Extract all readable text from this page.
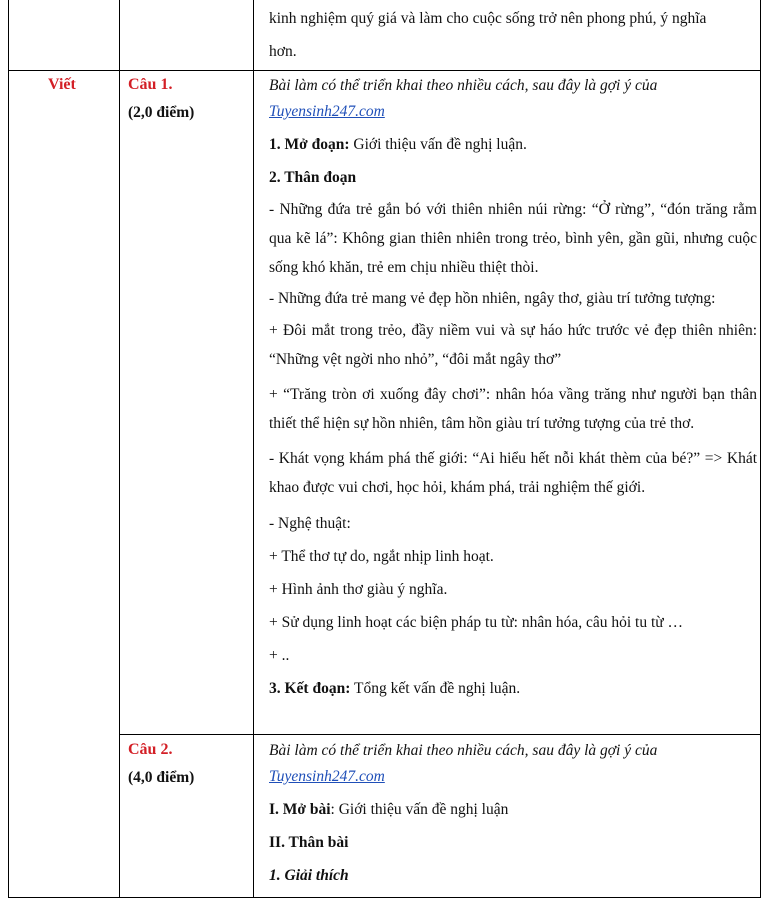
kinh nghiệm quý giá và làm cho cuộc sống trở nên phong phú, ý nghĩa

hơn.

Viết	Câu 1.
(2,0 điểm)

Bài làm có thể triển khai theo nhiều cách, sau đây là gợi ý của

Tuyensinh247.com

1. Mở đoạn: Giới thiệu vấn đề nghị luận.

2. Thân đoạn

- Những đứa trẻ gắn bó với thiên nhiên núi rừng: “Ở rừng”, “đón trăng rằm qua kẽ lá”: Không gian thiên nhiên trong trẻo, bình yên, gần gũi, nhưng cuộc sống khó khăn, trẻ em chịu nhiều thiệt thòi.

- Những đứa trẻ mang vẻ đẹp hồn nhiên, ngây thơ, giàu trí tưởng tượng:

+ Đôi mắt trong trẻo, đầy niềm vui và sự háo hức trước vẻ đẹp thiên nhiên: “Những vệt ngời nho nhỏ”, “đôi mắt ngây thơ”

+ “Trăng tròn ơi xuống đây chơi”: nhân hóa vầng trăng như người bạn thân thiết thể hiện sự hồn nhiên, tâm hồn giàu trí tưởng tượng của trẻ thơ.

- Khát vọng khám phá thế giới: “Ai hiểu hết nỗi khát thèm của bé?” => Khát khao được vui chơi, học hỏi, khám phá, trải nghiệm thế giới.

- Nghệ thuật:

+ Thể thơ tự do, ngắt nhịp linh hoạt.

+ Hình ảnh thơ giàu ý nghĩa.

+ Sử dụng linh hoạt các biện pháp tu từ: nhân hóa, câu hỏi tu từ …

+ ..

3. Kết đoạn: Tổng kết vấn đề nghị luận.

Câu 2.
(4,0 điểm)

Bài làm có thể triển khai theo nhiều cách, sau đây là gợi ý của

Tuyensinh247.com

I. Mở bài: Giới thiệu vấn đề nghị luận

II. Thân bài

1. Giải thích
